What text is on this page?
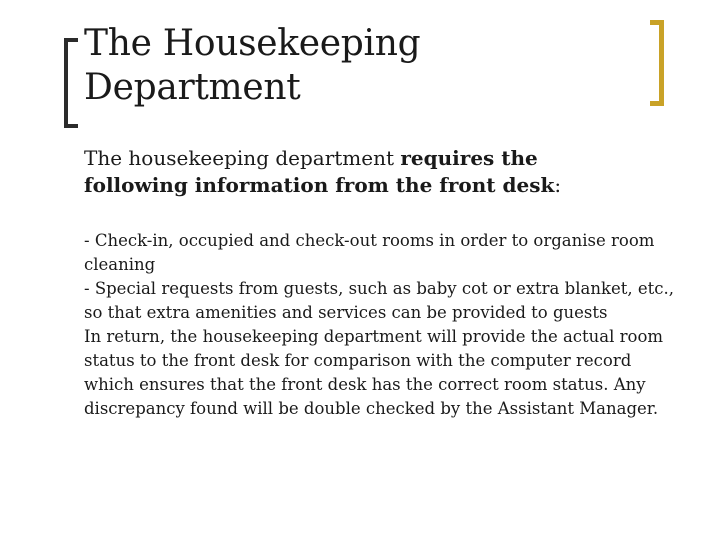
The Housekeeping
Department

The housekeeping department requires the
following information from the front desk:

- Check-in, occupied and check-out rooms in order to organise room cleaning

- Special requests from guests, such as baby cot or extra blanket, etc., so that extra amenities and services can be provided to guests

In return, the housekeeping department will provide the actual room status to the front desk for comparison with the computer record which ensures that the front desk has the correct room status. Any discrepancy found will be double checked by the Assistant Manager.
